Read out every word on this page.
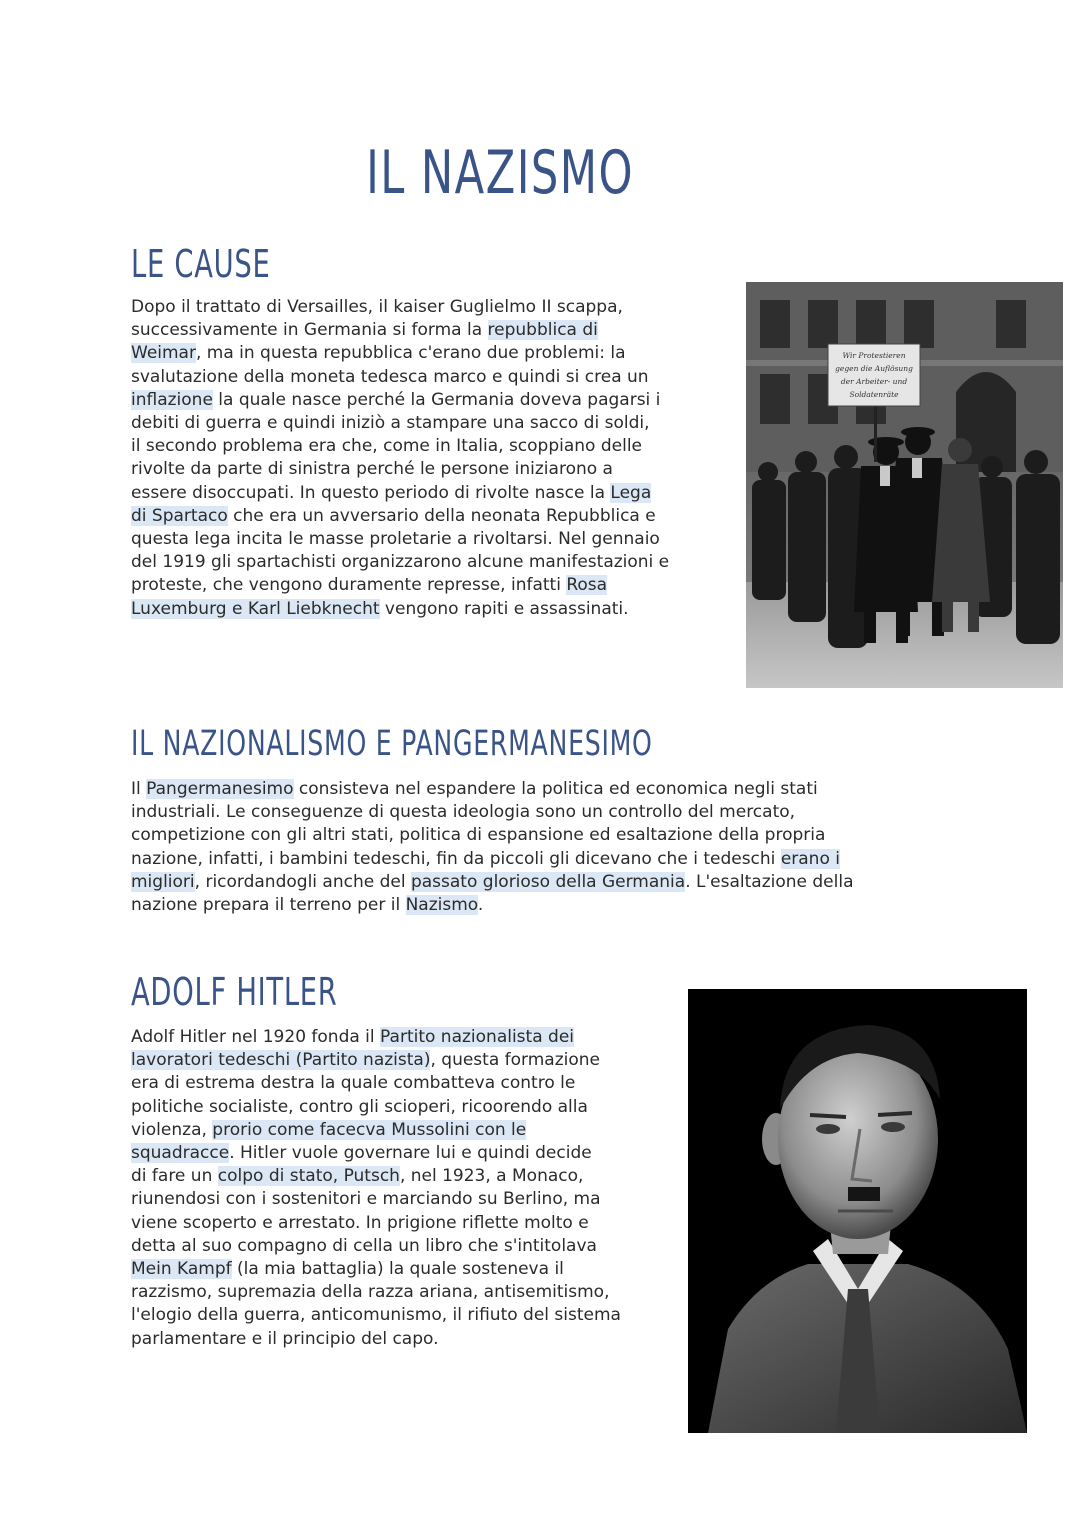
IL NAZISMO
LE CAUSE
Dopo il trattato di Versailles, il kaiser Guglielmo II scappa,
successivamente in Germania si forma la repubblica di
Weimar, ma in questa repubblica c'erano due problemi: la
svalutazione della moneta tedesca marco e quindi si crea un
inflazione la quale nasce perché la Germania doveva pagarsi i
debiti di guerra e quindi iniziò a stampare una sacco di soldi,
il secondo problema era che, come in Italia, scoppiano delle
rivolte da parte di sinistra perché le persone iniziarono a
essere disoccupati. In questo periodo di rivolte nasce la Lega
di Spartaco che era un avversario della neonata Repubblica e
questa lega incita le masse proletarie a rivoltarsi. Nel gennaio
del 1919 gli spartachisti organizzarono alcune manifestazioni e
proteste, che vengono duramente represse, infatti Rosa
Luxemburg e Karl Liebknecht vengono rapiti e assassinati.
Wir Protestieren
gegen die Auflösung
der Arbeiter- und
Soldatenräte
IL NAZIONALISMO E PANGERMANESIMO
Il Pangermanesimo consisteva nel espandere la politica ed economica negli stati
industriali. Le conseguenze di questa ideologia sono un controllo del mercato,
competizione con gli altri stati, politica di espansione ed esaltazione della propria
nazione, infatti, i bambini tedeschi, fin da piccoli gli dicevano che i tedeschi erano i
migliori, ricordandogli anche del passato glorioso della Germania. L'esaltazione della
nazione prepara il terreno per il Nazismo.
ADOLF HITLER
Adolf Hitler nel 1920 fonda il Partito nazionalista dei
lavoratori tedeschi (Partito nazista), questa formazione
era di estrema destra la quale combatteva contro le
politiche socialiste, contro gli scioperi, ricoorendo alla
violenza, prorio come facecva Mussolini con le
squadracce. Hitler vuole governare lui e quindi decide
di fare un colpo di stato, Putsch, nel 1923, a Monaco,
riunendosi con i sostenitori e marciando su Berlino, ma
viene scoperto e arrestato. In prigione riflette molto e
detta al suo compagno di cella un libro che s'intitolava
Mein Kampf (la mia battaglia) la quale sosteneva il
razzismo, supremazia della razza ariana, antisemitismo,
l'elogio della guerra, anticomunismo, il rifiuto del sistema
parlamentare e il principio del capo.
